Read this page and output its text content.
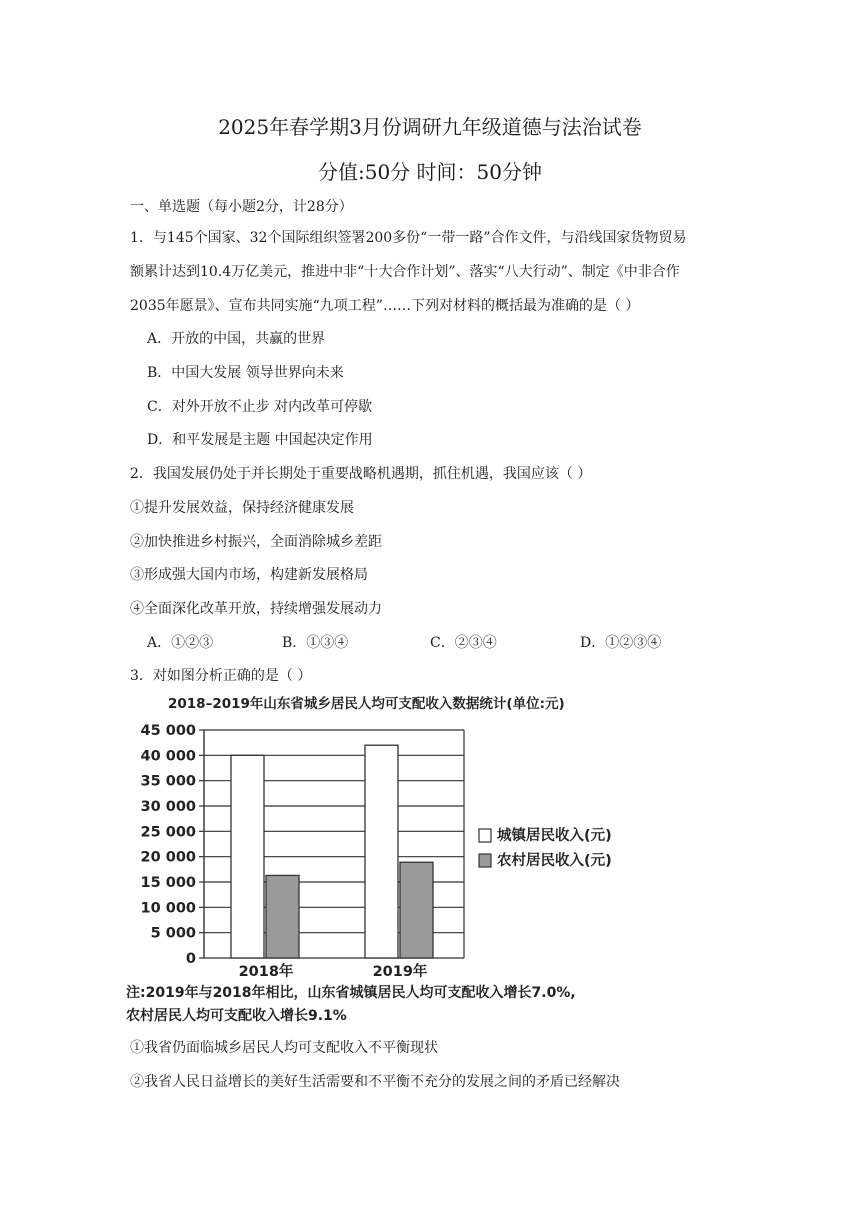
2025年春学期3月份调研九年级道德与法治试卷
分值:50分 时间：50分钟
一、单选题（每小题2分，计28分）
1．与145个国家、32个国际组织签署200多份“一带一路”合作文件，与沿线国家货物贸易
额累计达到10.4万亿美元，推进中非“十大合作计划”、落实“八大行动”、制定《中非合作
2035年愿景》、宣布共同实施“九项工程”……下列对材料的概括最为准确的是（ ）
A．开放的中国，共赢的世界
B．中国大发展 领导世界向未来
C．对外开放不止步 对内改革可停歇
D．和平发展是主题 中国起决定作用
2．我国发展仍处于并长期处于重要战略机遇期，抓住机遇，我国应该（ ）
①提升发展效益，保持经济健康发展
②加快推进乡村振兴，全面消除城乡差距
③形成强大国内市场，构建新发展格局
④全面深化改革开放，持续增强发展动力
A．①②③	B．①③④	C．②③④	D．①②③④
3．对如图分析正确的是（ ）
2018–2019年山东省城乡居民人均可支配收入数据统计(单位:元)
0
5 000
10 000
15 000
20 000
25 000
30 000
35 000
40 000
45 000
2018年	2019年
城镇居民收入(元)
农村居民收入(元)
注:2019年与2018年相比，山东省城镇居民人均可支配收入增长7.0%,
农村居民人均可支配收入增长9.1%
①我省仍面临城乡居民人均可支配收入不平衡现状
②我省人民日益增长的美好生活需要和不平衡不充分的发展之间的矛盾已经解决
